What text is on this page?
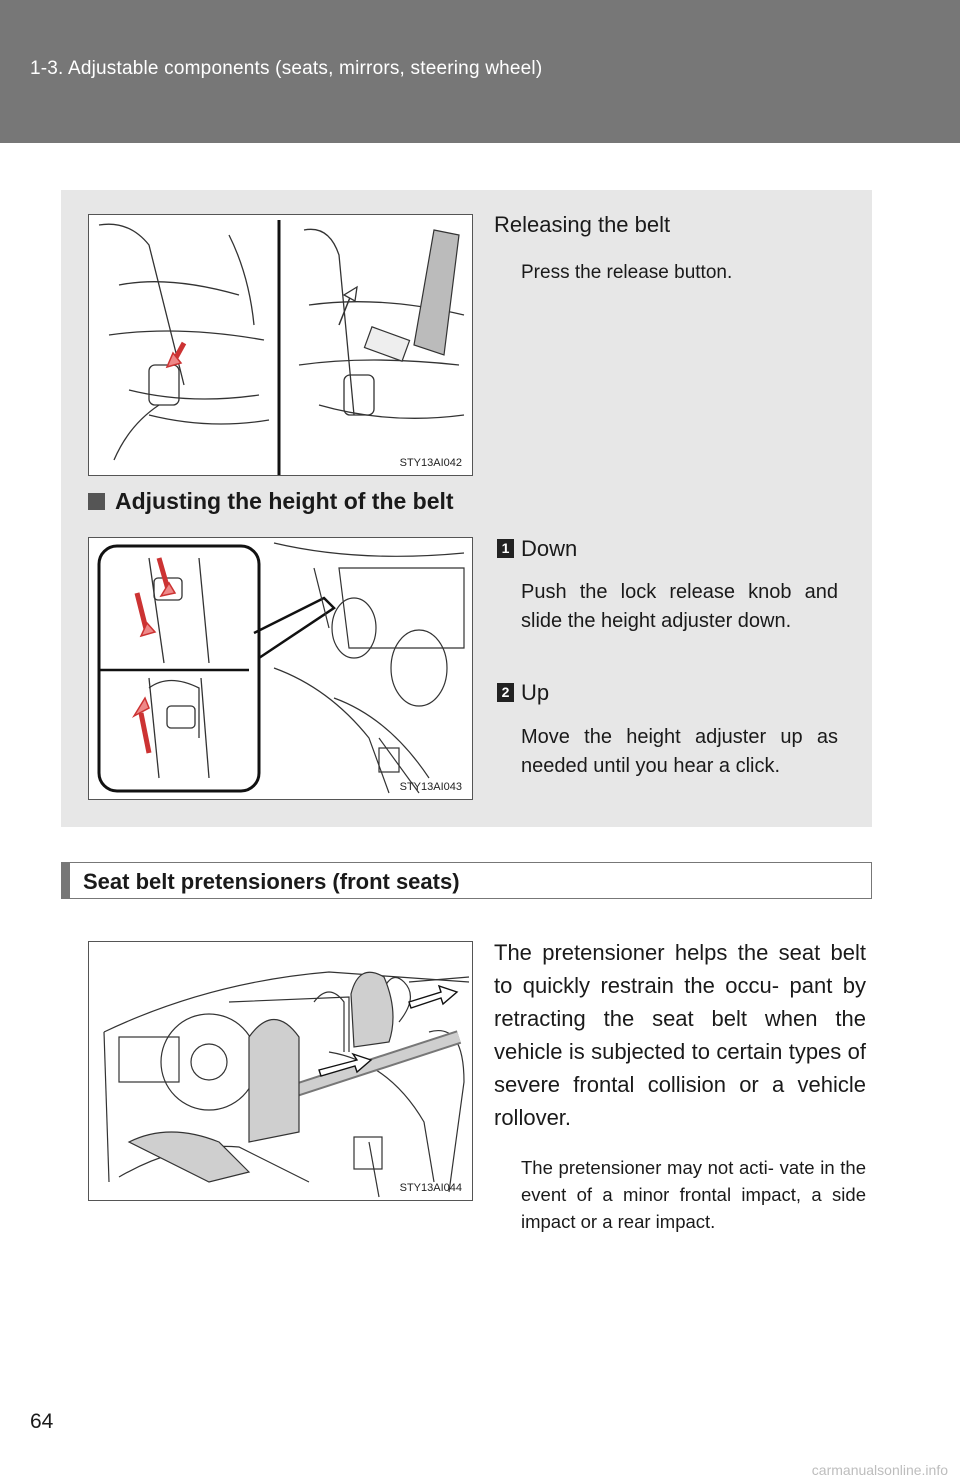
1-3. Adjustable components (seats, mirrors, steering wheel)
STY13AI042
Releasing the belt
Press the release button.
Adjusting the height of the belt
STY13AI043
1 Down
Push the lock release knob and slide the height adjuster down.
2 Up
Move the height adjuster up as needed until you hear a click.
Seat belt pretensioners (front seats)
STY13AI044
The pretensioner helps the seat belt to quickly restrain the occu- pant by retracting the seat belt when the vehicle is subjected to certain types of severe frontal collision or a vehicle rollover.
The pretensioner may not acti- vate in the event of a minor frontal impact, a side impact or a rear impact.
64
carmanualsonline.info
